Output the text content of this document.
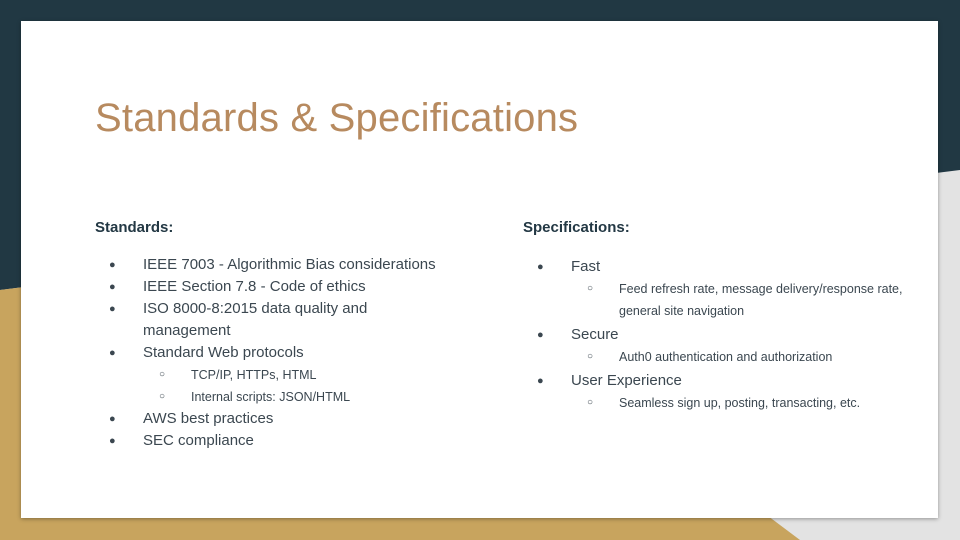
Standards & Specifications
Standards:
● IEEE 7003 - Algorithmic Bias considerations
● IEEE Section 7.8 - Code of ethics
● ISO 8000-8:2015 data quality and management
● Standard Web protocols
○ TCP/IP, HTTPs, HTML
○ Internal scripts: JSON/HTML
● AWS best practices
● SEC compliance
Specifications:
● Fast
○ Feed refresh rate, message delivery/response rate, general site navigation
● Secure
○ Auth0 authentication and authorization
● User Experience
○ Seamless sign up, posting, transacting, etc.
